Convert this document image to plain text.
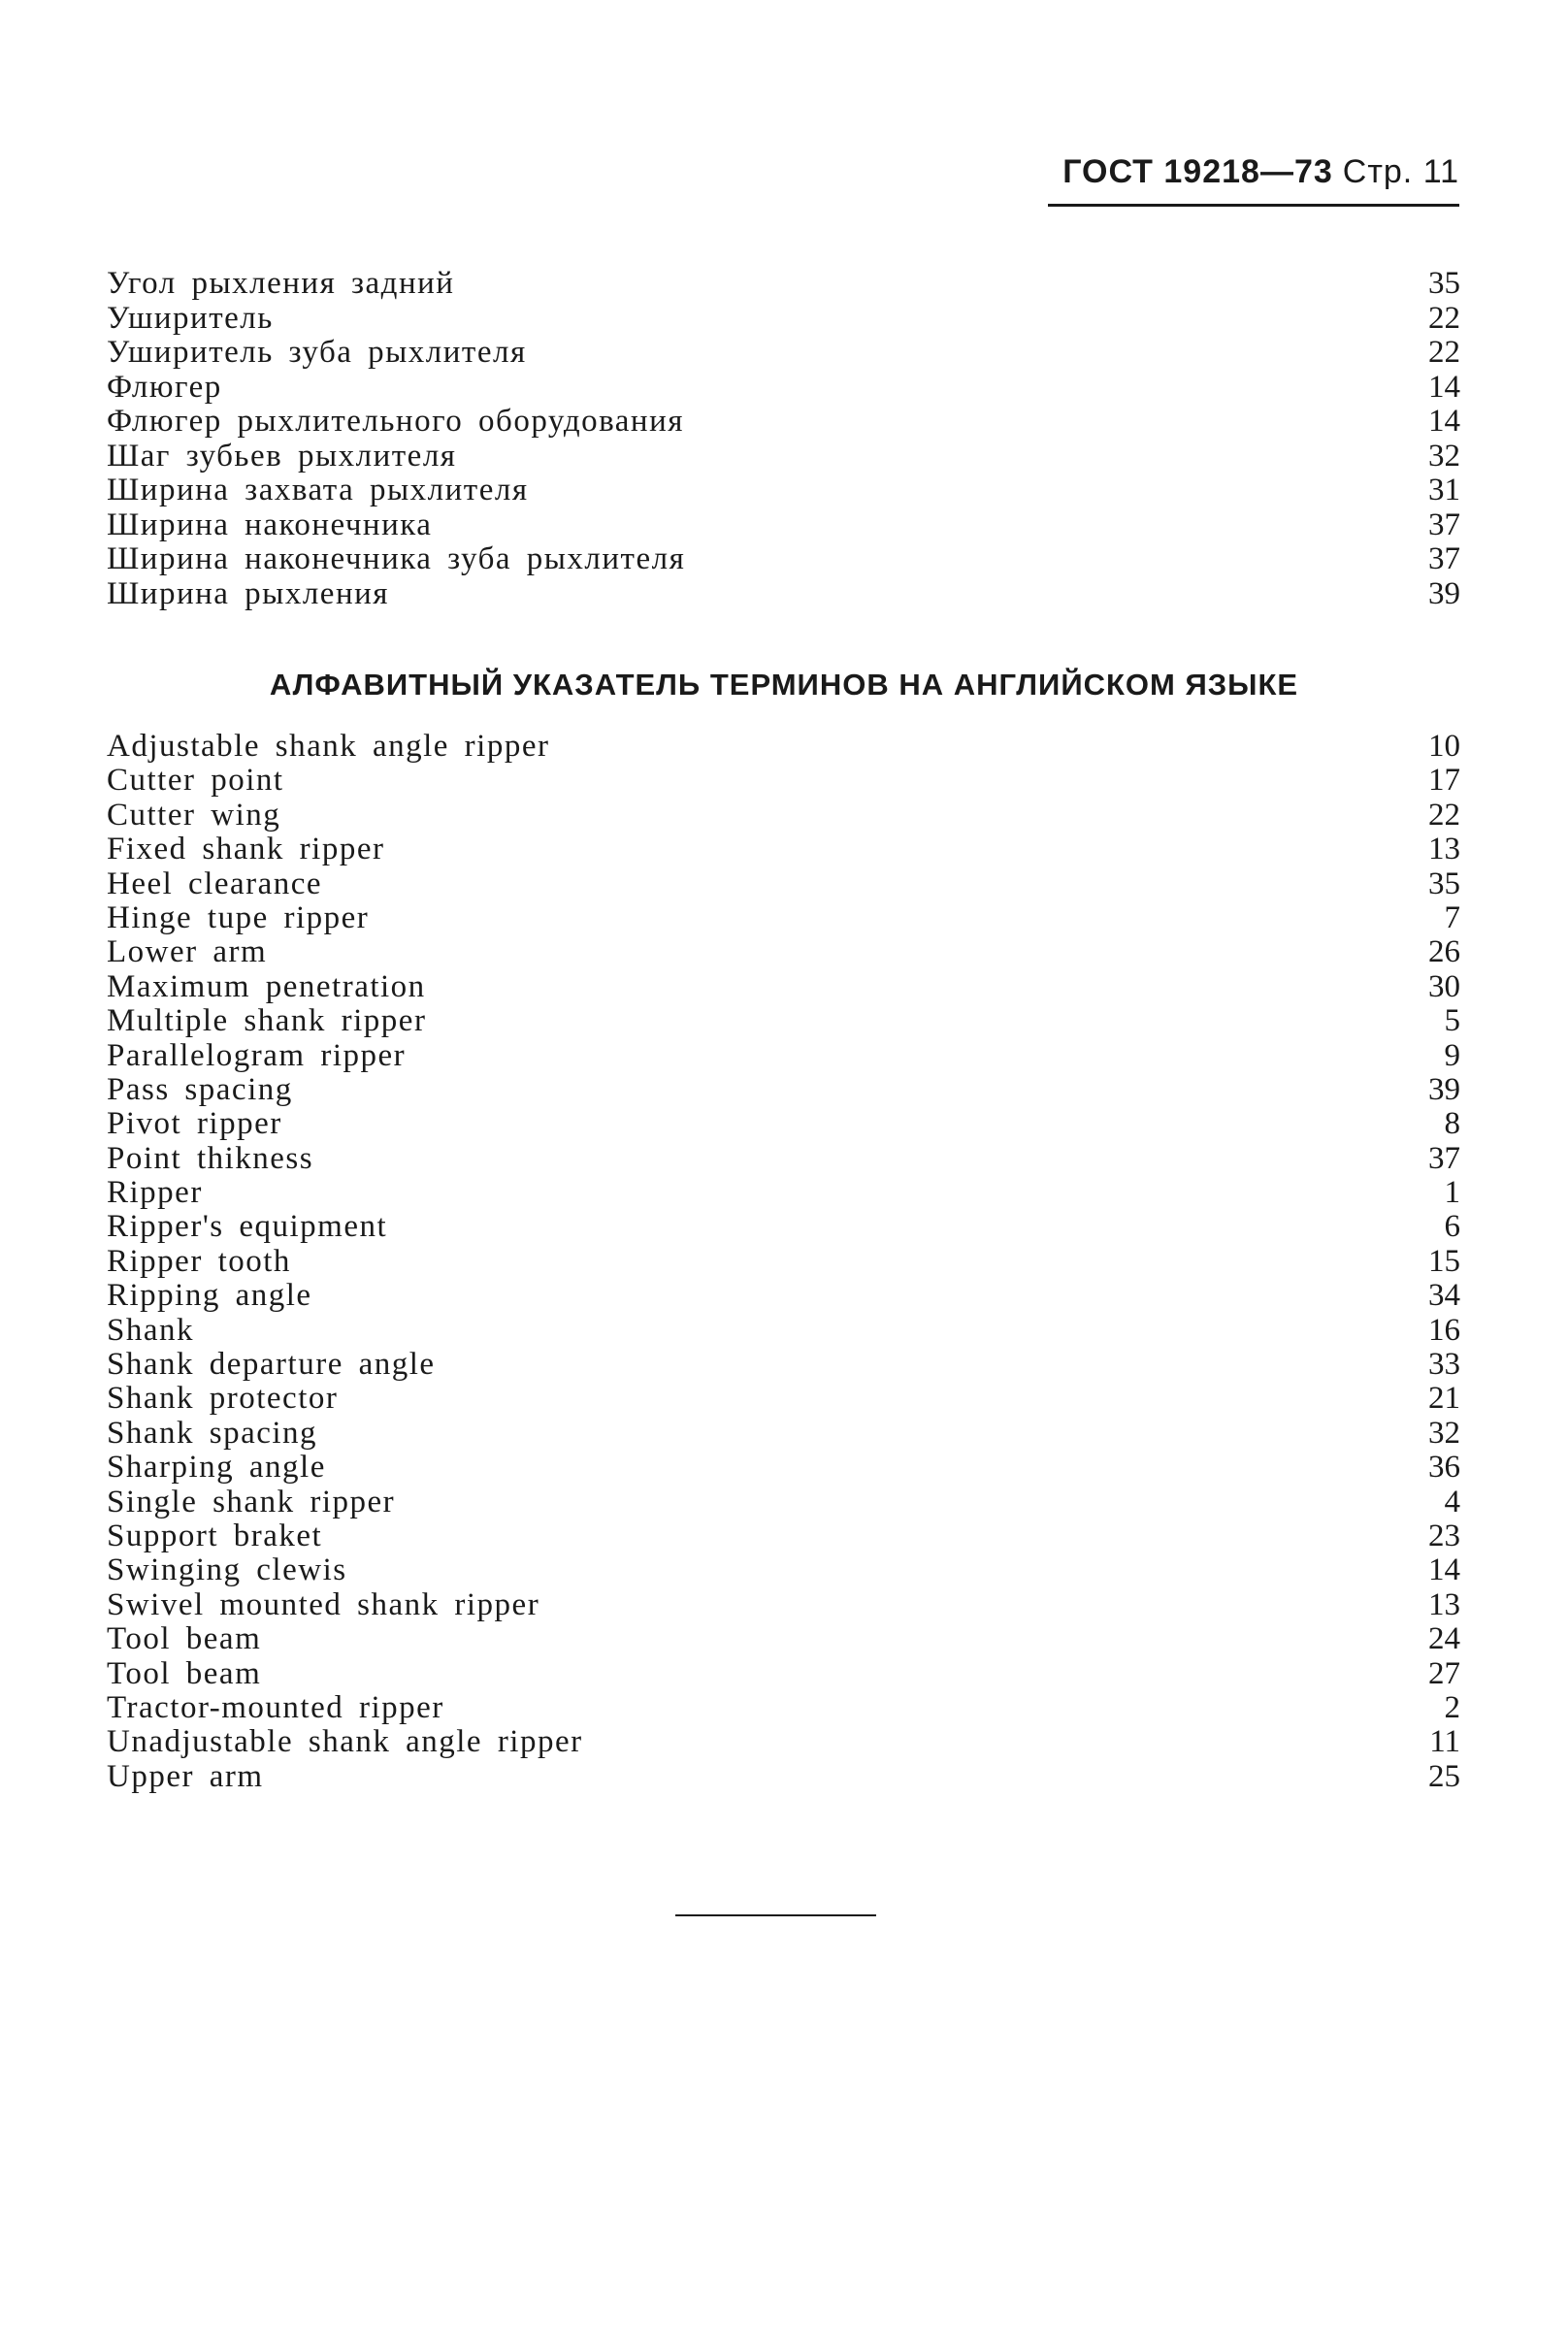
ГОСТ 19218—73 Стр. 11
Угол рыхления задний	35
Уширитель	22
Уширитель зуба рыхлителя	22
Флюгер	14
Флюгер рыхлительного оборудования	14
Шаг зубьев рыхлителя	32
Ширина захвата рыхлителя	31
Ширина наконечника	37
Ширина наконечника зуба рыхлителя	37
Ширина рыхления	39
АЛФАВИТНЫЙ УКАЗАТЕЛЬ ТЕРМИНОВ НА АНГЛИЙСКОМ ЯЗЫКЕ
Adjustable shank angle ripper	10
Cutter point	17
Cutter wing	22
Fixed shank ripper	13
Heel clearance	35
Hinge tupe ripper	7
Lower arm	26
Maximum penetration	30
Multiple shank ripper	5
Parallelogram ripper	9
Pass spacing	39
Pivot ripper	8
Point thikness	37
Ripper	1
Ripper's equipment	6
Ripper tooth	15
Ripping angle	34
Shank	16
Shank departure angle	33
Shank protector	21
Shank spacing	32
Sharping angle	36
Single shank ripper	4
Support braket	23
Swinging clewis	14
Swivel mounted shank ripper	13
Tool beam	24
Tool beam	27
Tractor-mounted ripper	2
Unadjustable shank angle ripper	11
Upper arm	25
